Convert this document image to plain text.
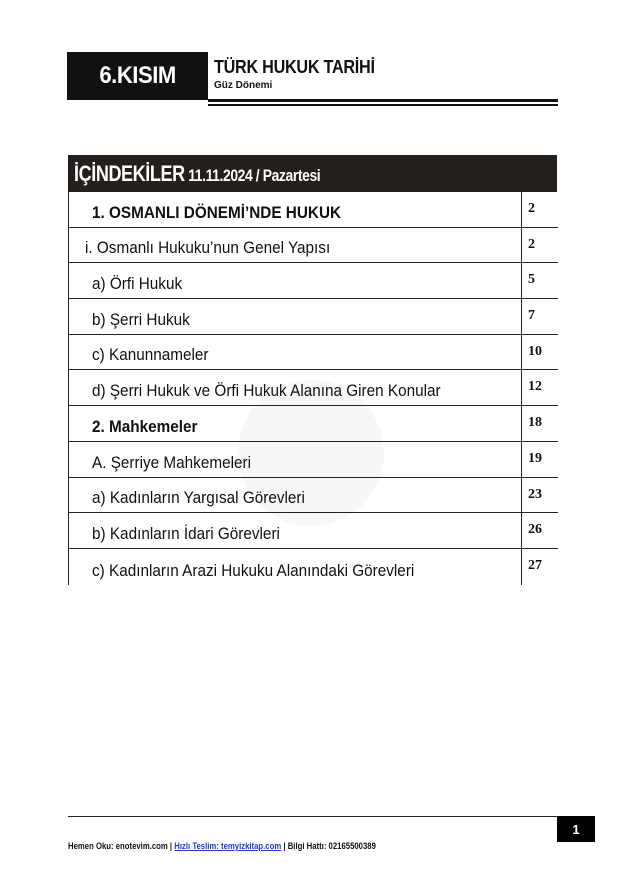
6.KISIM TÜRK HUKUK TARİHİ
Güz Dönemi
İÇİNDEKİLER 11.11.2024 / Pazartesi
1. OSMANLI DÖNEMİ’NDE HUKUK	2
i. Osmanlı Hukuku’nun Genel Yapısı	2
a) Örfi Hukuk	5
b) Şerri Hukuk	7
c) Kanunnameler	10
d) Şerri Hukuk ve Örfi Hukuk Alanına Giren Konular	12
2. Mahkemeler	18
A. Şerriye Mahkemeleri	19
a) Kadınların Yargısal Görevleri	23
b) Kadınların İdari Görevleri	26
c) Kadınların Arazi Hukuku Alanındaki Görevleri	27
1
Hemen Oku: enotevim.com | Hızlı Teslim: temyizkitap.com | Bilgi Hattı: 02165500389
